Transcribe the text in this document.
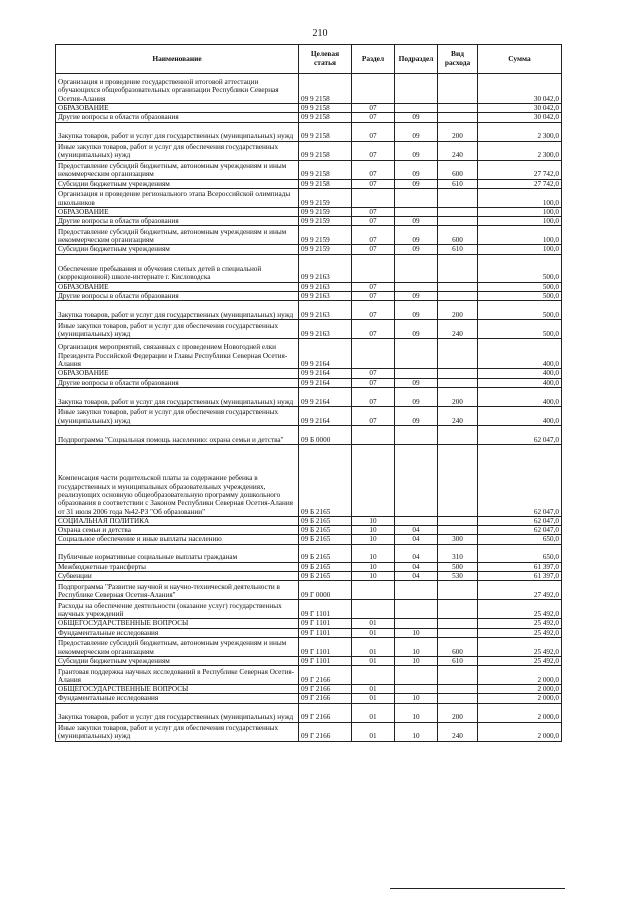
210
Наименование	Целевая статья	Раздел	Подраздел	Вид расхода	Сумма
Организация и проведение государственной итоговой аттестации обучающихся общеобразовательных организации Республики Северная Осетия-Алания	09 9 2158				30 042,0
ОБРАЗОВАНИЕ	09 9 2158	07			30 042,0
Другие вопросы в области образования	09 9 2158	07	09		30 042,0
Закупка товаров, работ и услуг для государственных (муниципальных) нужд	09 9 2158	07	09	200	2 300,0
Иные закупки товаров, работ и услуг для обеспечения государственных (муниципальных) нужд	09 9 2158	07	09	240	2 300,0
Предоставление субсидий бюджетным, автономным учреждениям и иным некоммерческим организациям	09 9 2158	07	09	600	27 742,0
Субсидии бюджетным учреждениям	09 9 2158	07	09	610	27 742,0
Организация и проведение регионального этапа Всероссийской олимпиады школьников	09 9 2159				100,0
ОБРАЗОВАНИЕ	09 9 2159	07			100,0
Другие вопросы в области образования	09 9 2159	07	09		100,0
Предоставление субсидий бюджетным, автономным учреждениям и иным некоммерческим организациям	09 9 2159	07	09	600	100,0
Субсидии бюджетным учреждениям	09 9 2159	07	09	610	100,0
Обеспечение пребывания и обучения слепых детей в специальной (коррекционной) школе-интернате г. Кисловодска	09 9 2163				500,0
ОБРАЗОВАНИЕ	09 9 2163	07			500,0
Другие вопросы в области образования	09 9 2163	07	09		500,0
Закупка товаров, работ и услуг для государственных (муниципальных) нужд	09 9 2163	07	09	200	500,0
Иные закупки товаров, работ и услуг для обеспечения государственных (муниципальных) нужд	09 9 2163	07	09	240	500,0
Организация мероприятий, связанных с проведением Новогодней елки Президента Российской Федерации и Главы Республики Северная Осетия-Алания	09 9 2164				400,0
ОБРАЗОВАНИЕ	09 9 2164	07			400,0
Другие вопросы в области образования	09 9 2164	07	09		400,0
Закупка товаров, работ и услуг для государственных (муниципальных) нужд	09 9 2164	07	09	200	400,0
Иные закупки товаров, работ и услуг для обеспечения государственных (муниципальных) нужд	09 9 2164	07	09	240	400,0
Подпрограмма "Социальная помощь населению: охрана семьи и детства"	09 Б 0000				62 047,0
Компенсация части родительской платы за содержание ребенка в государственных и муниципальных образовательных учреждениях, реализующих основную общеобразовательную программу дошкольного образования в соответствии с Законом Республики Северная Осетия-Алания от 31 июля 2006 года №42-РЗ "Об образовании"	09 Б 2165				62 047,0
СОЦИАЛЬНАЯ ПОЛИТИКА	09 Б 2165	10			62 047,0
Охрана семьи и детства	09 Б 2165	10	04		62 047,0
Социальное обеспечение и иные выплаты населению	09 Б 2165	10	04	300	650,0
Публичные нормативные социальные выплаты гражданам	09 Б 2165	10	04	310	650,0
Межбюджетные трансферты	09 Б 2165	10	04	500	61 397,0
Субвенции	09 Б 2165	10	04	530	61 397,0
Подпрограмма "Развитие научной и научно-технической деятельности в Республике Северная Осетия-Алания"	09 Г 0000				27 492,0
Расходы на обеспечение деятельности (оказание услуг) государственных научных учреждений	09 Г 1101				25 492,0
ОБЩЕГОСУДАРСТВЕННЫЕ ВОПРОСЫ	09 Г 1101	01			25 492,0
Фундаментальные исследования	09 Г 1101	01	10		25 492,0
Предоставление субсидий бюджетным, автономным учреждениям и иным некоммерческим организациям	09 Г 1101	01	10	600	25 492,0
Субсидии бюджетным учреждениям	09 Г 1101	01	10	610	25 492,0
Грантовая поддержка научных исследований в Республике Северная Осетия-Алания	09 Г 2166				2 000,0
ОБЩЕГОСУДАРСТВЕННЫЕ ВОПРОСЫ	09 Г 2166	01			2 000,0
Фундаментальные исследования	09 Г 2166	01	10		2 000,0
Закупка товаров, работ и услуг для государственных (муниципальных) нужд	09 Г 2166	01	10	200	2 000,0
Иные закупки товаров, работ и услуг для обеспечения государственных (муниципальных) нужд	09 Г 2166	01	10	240	2 000,0
